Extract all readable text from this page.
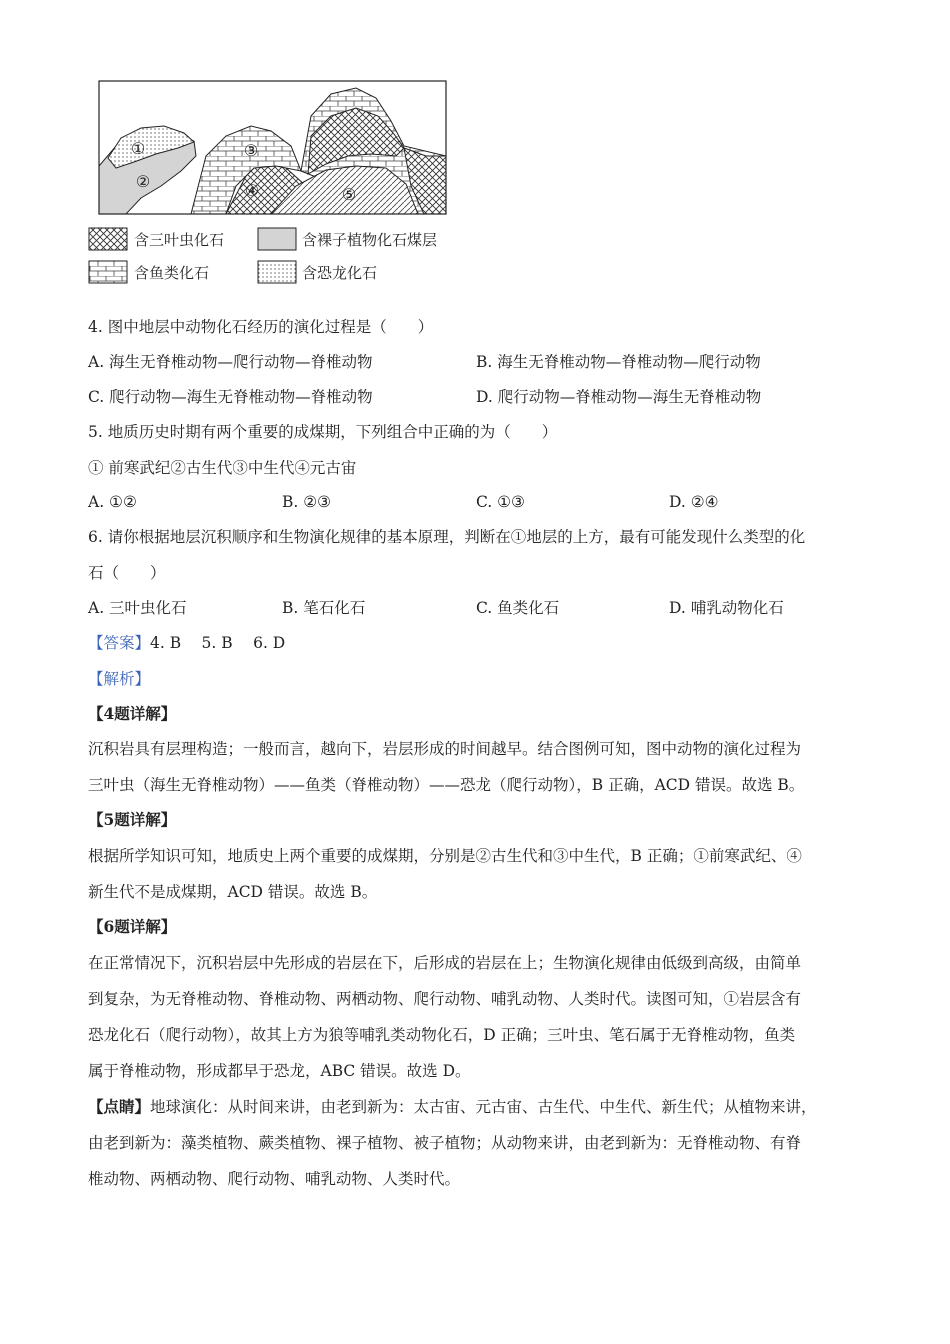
①
②
③
④	⑤
含三叶虫化石	含裸子植物化石煤层
含鱼类化石	含恐龙化石
4. 图中地层中动物化石经历的演化过程是（　　）
A. 海生无脊椎动物—爬行动物—脊椎动物	B. 海生无脊椎动物—脊椎动物—爬行动物
C. 爬行动物—海生无脊椎动物—脊椎动物	D. 爬行动物—脊椎动物—海生无脊椎动物
5. 地质历史时期有两个重要的成煤期，下列组合中正确的为（　　）
① 前寒武纪②古生代③中生代④元古宙
A. ①②	B. ②③	C. ①③	D. ②④
6. 请你根据地层沉积顺序和生物演化规律的基本原理，判断在①地层的上方，最有可能发现什么类型的化
石（　　）
A. 三叶虫化石	B. 笔石化石	C. 鱼类化石	D. 哺乳动物化石
【答案】4. B　 5. B　 6. D
【解析】
【4题详解】
沉积岩具有层理构造；一般而言，越向下，岩层形成的时间越早。结合图例可知，图中动物的演化过程为
三叶虫（海生无脊椎动物）——鱼类（脊椎动物）——恐龙（爬行动物），B 正确，ACD 错误。故选 B。
【5题详解】
根据所学知识可知，地质史上两个重要的成煤期，分别是②古生代和③中生代，B 正确；①前寒武纪、④
新生代不是成煤期，ACD 错误。故选 B。
【6题详解】
在正常情况下，沉积岩层中先形成的岩层在下，后形成的岩层在上；生物演化规律由低级到高级，由简单
到复杂，为无脊椎动物、脊椎动物、两栖动物、爬行动物、哺乳动物、人类时代。读图可知，①岩层含有
恐龙化石（爬行动物），故其上方为狼等哺乳类动物化石，D 正确；三叶虫、笔石属于无脊椎动物，鱼类
属于脊椎动物，形成都早于恐龙，ABC 错误。故选 D。
【点睛】地球演化：从时间来讲，由老到新为：太古宙、元古宙、古生代、中生代、新生代；从植物来讲，
由老到新为：藻类植物、蕨类植物、裸子植物、被子植物；从动物来讲，由老到新为：无脊椎动物、有脊
椎动物、两栖动物、爬行动物、哺乳动物、人类时代。
